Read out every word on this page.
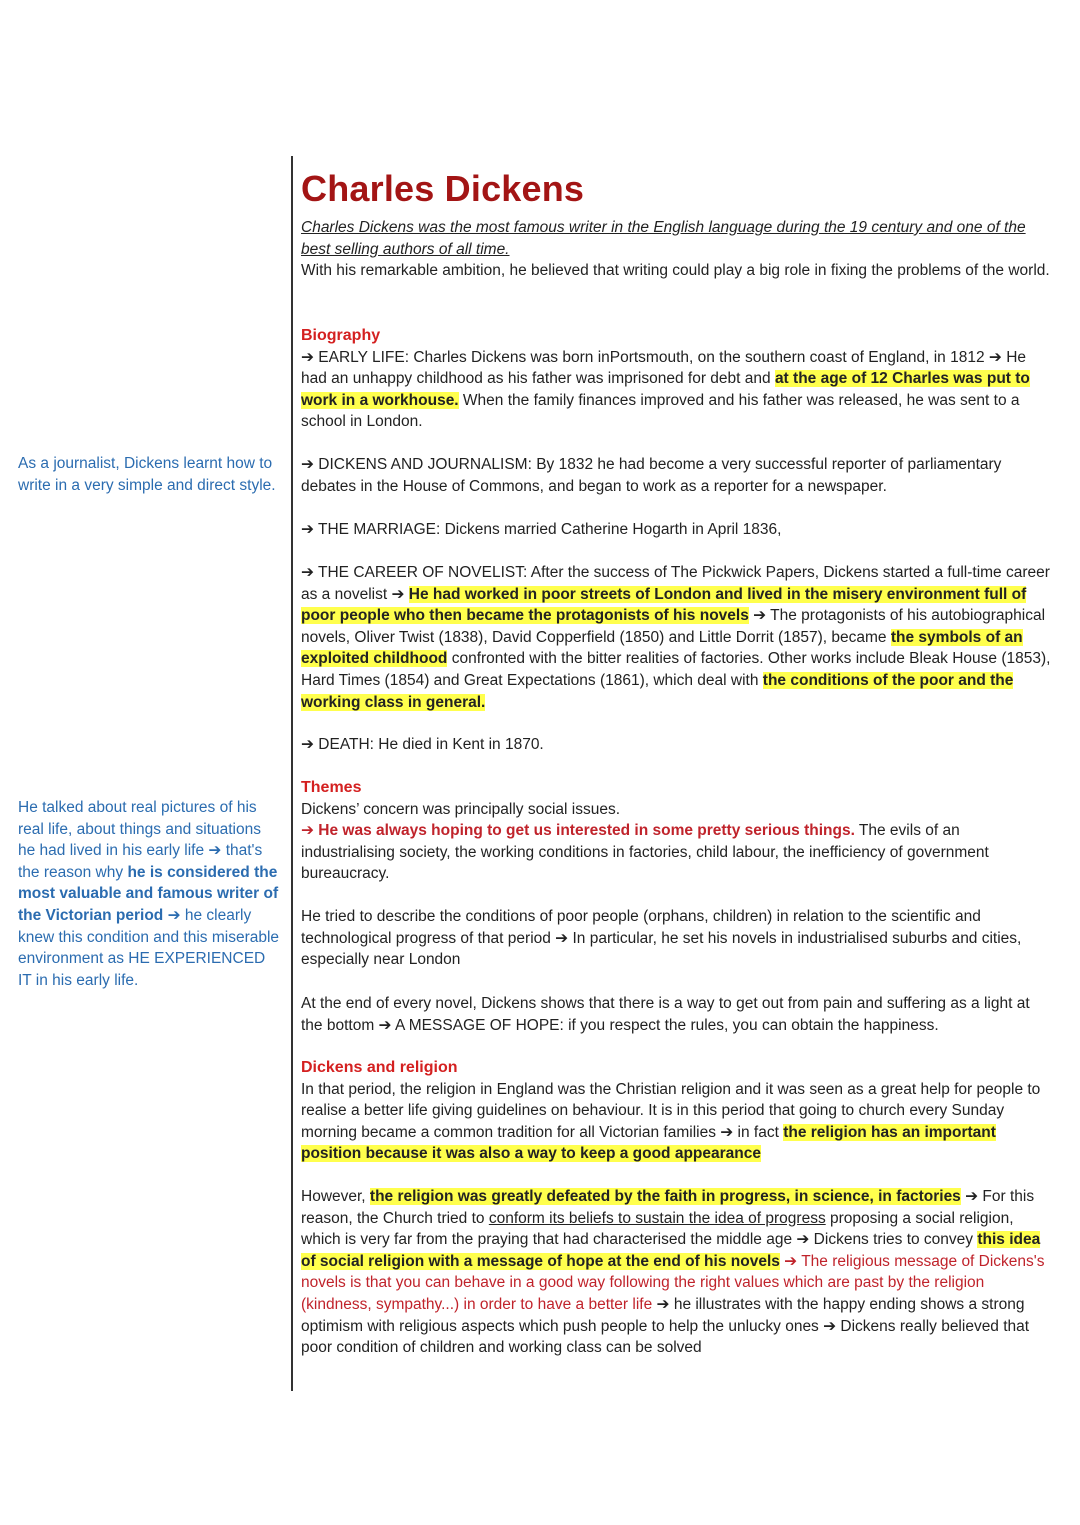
As a journalist, Dickens learnt how to write in a very simple and direct style.
He talked about real pictures of his real life, about things and situations he had lived in his early life ➔ that's the reason why he is considered the most valuable and famous writer of the Victorian period ➔ he clearly knew this condition and this miserable environment as HE EXPERIENCED IT in his early life.
Charles Dickens

Charles Dickens was the most famous writer in the English language during the 19 century and one of the best selling authors of all time.

With his remarkable ambition, he believed that writing could play a big role in fixing the problems of the world.

Biography

➔ EARLY LIFE: Charles Dickens was born inPortsmouth, on the southern coast of England, in 1812 ➔ He had an unhappy childhood as his father was imprisoned for debt and at the age of 12 Charles was put to work in a workhouse. When the family finances improved and his father was released, he was sent to a school in London.

➔ DICKENS AND JOURNALISM: By 1832 he had become a very successful reporter of parliamentary debates in the House of Commons, and began to work as a reporter for a newspaper.

➔ THE MARRIAGE: Dickens married Catherine Hogarth in April 1836,

➔ THE CAREER OF NOVELIST: After the success of The Pickwick Papers, Dickens started a full-time career as a novelist ➔ He had worked in poor streets of London and lived in the misery environment full of poor people who then became the protagonists of his novels ➔ The protagonists of his autobiographical novels, Oliver Twist (1838), David Copperfield (1850) and Little Dorrit (1857), became the symbols of an exploited childhood confronted with the bitter realities of factories. Other works include Bleak House (1853), Hard Times (1854) and Great Expectations (1861), which deal with the conditions of the poor and the working class in general.

➔ DEATH: He died in Kent in 1870.

Themes

Dickens’ concern was principally social issues.

➔ He was always hoping to get us interested in some pretty serious things. The evils of an industrialising society, the working conditions in factories, child labour, the inefficiency of government bureaucracy.

He tried to describe the conditions of poor people (orphans, children) in relation to the scientific and technological progress of that period ➔ In particular, he set his novels in industrialised suburbs and cities, especially near London

At the end of every novel, Dickens shows that there is a way to get out from pain and suffering as a light at the bottom ➔ A MESSAGE OF HOPE: if you respect the rules, you can obtain the happiness.

Dickens and religion

In that period, the religion in England was the Christian religion and it was seen as a great help for people to realise a better life giving guidelines on behaviour. It is in this period that going to church every Sunday morning became a common tradition for all Victorian families ➔ in fact the religion has an important position because it was also a way to keep a good appearance

However, the religion was greatly defeated by the faith in progress, in science, in factories ➔ For this reason, the Church tried to conform its beliefs to sustain the idea of progress proposing a social religion, which is very far from the praying that had characterised the middle age ➔ Dickens tries to convey this idea of social religion with a message of hope at the end of his novels ➔ The religious message of Dickens's novels is that you can behave in a good way following the right values which are past by the religion (kindness, sympathy...) in order to have a better life ➔ he illustrates with the happy ending shows a strong optimism with religious aspects which push people to help the unlucky ones ➔ Dickens really believed that poor condition of children and working class can be solved
